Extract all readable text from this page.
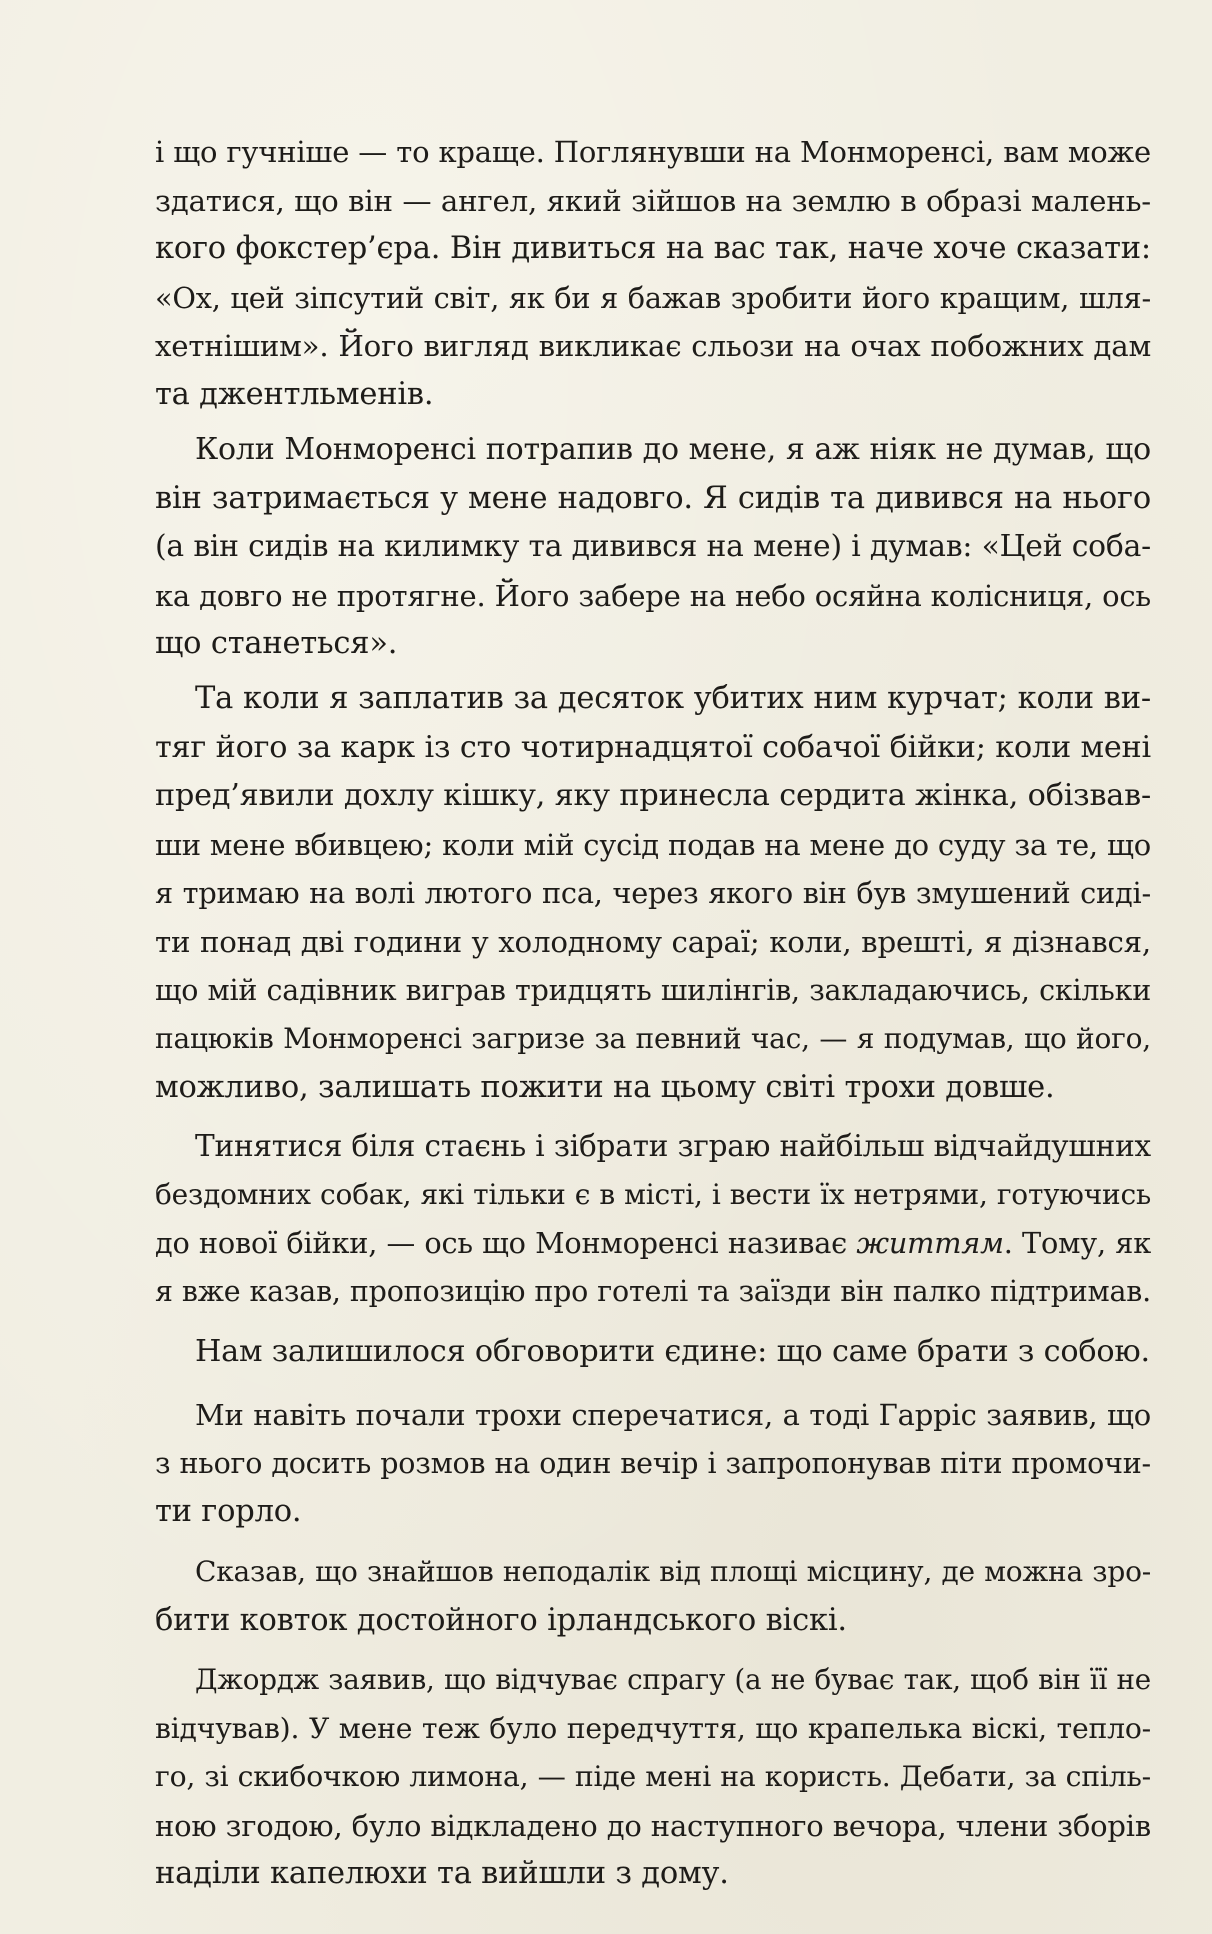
і що гучніше — то краще. Поглянувши на Монморенсі, вам може
здатися, що він — ангел, який зійшов на землю в образі малень-
кого фокстер’єра. Він дивиться на вас так, наче хоче сказати:
«Ох, цей зіпсутий світ, як би я бажав зробити його кращим, шля-
хетнішим». Його вигляд викликає сльози на очах побожних дам
та джентльменів.
Коли Монморенсі потрапив до мене, я аж ніяк не думав, що
він затримається у мене надовго. Я сидів та дивився на нього
(а він сидів на килимку та дивився на мене) і думав: «Цей соба-
ка довго не протягне. Його забере на небо осяйна колісниця, ось
що станеться».
Та коли я заплатив за десяток убитих ним курчат; коли ви-
тяг його за карк із сто чотирнадцятої собачої бійки; коли мені
пред’явили дохлу кішку, яку принесла сердита жінка, обізвав-
ши мене вбивцею; коли мій сусід подав на мене до суду за те, що
я тримаю на волі лютого пса, через якого він був змушений сиді-
ти понад дві години у холодному сараї; коли, врешті, я дізнався,
що мій садівник виграв тридцять шилінгів, закладаючись, скільки
пацюків Монморенсі загризе за певний час, — я подумав, що його,
можливо, залишать пожити на цьому світі трохи довше.
Тинятися біля стаєнь і зібрати зграю найбільш відчайдушних
бездомних собак, які тільки є в місті, і вести їх нетрями, готуючись
до нової бійки, — ось що Монморенсі називає життям. Тому, як
я вже казав, пропозицію про готелі та заїзди він палко підтримав.
Нам залишилося обговорити єдине: що саме брати з собою.
Ми навіть почали трохи сперечатися, а тоді Гарріс заявив, що
з нього досить розмов на один вечір і запропонував піти промочи-
ти горло.
Сказав, що знайшов неподалік від площі місцину, де можна зро-
бити ковток достойного ірландського віскі.
Джордж заявив, що відчуває спрагу (а не буває так, щоб він її не
відчував). У мене теж було передчуття, що крапелька віскі, тепло-
го, зі скибочкою лимона, — піде мені на користь. Дебати, за спіль-
ною згодою, було відкладено до наступного вечора, члени зборів
наділи капелюхи та вийшли з дому.
